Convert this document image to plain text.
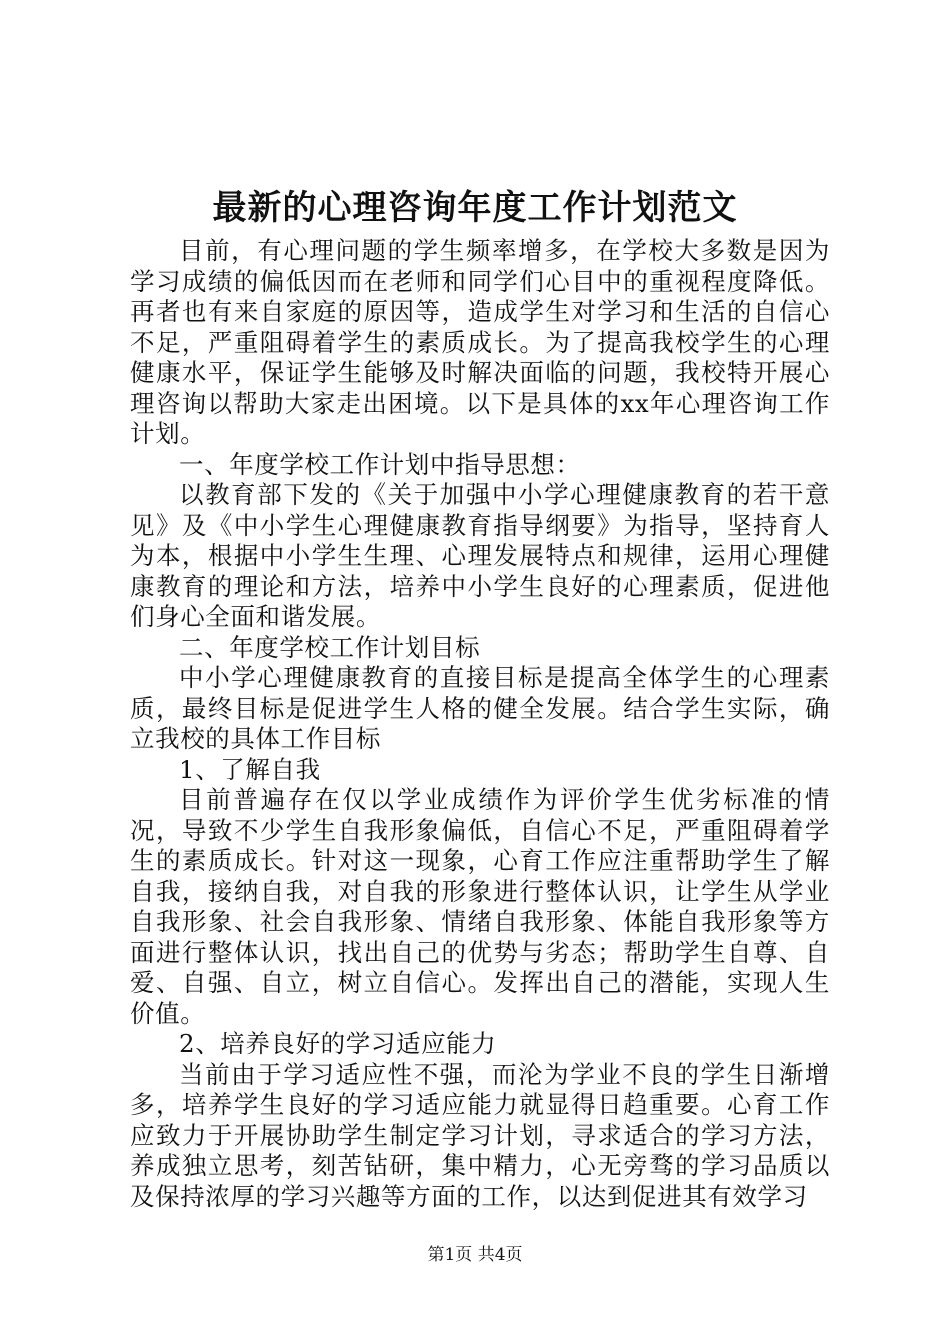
最新的心理咨询年度工作计划范文

目前，有心理问题的学生频率增多，在学校大多数是因为学习成绩的偏低因而在老师和同学们心目中的重视程度降低。再者也有来自家庭的原因等，造成学生对学习和生活的自信心不足，严重阻碍着学生的素质成长。为了提高我校学生的心理健康水平，保证学生能够及时解决面临的问题，我校特开展心理咨询以帮助大家走出困境。以下是具体的xx年心理咨询工作计划。

一、年度学校工作计划中指导思想：

以教育部下发的《关于加强中小学心理健康教育的若干意见》及《中小学生心理健康教育指导纲要》为指导，坚持育人为本，根据中小学生生理、心理发展特点和规律，运用心理健康教育的理论和方法，培养中小学生良好的心理素质，促进他们身心全面和谐发展。

二、年度学校工作计划目标

中小学心理健康教育的直接目标是提高全体学生的心理素质，最终目标是促进学生人格的健全发展。结合学生实际，确立我校的具体工作目标

1、了解自我

目前普遍存在仅以学业成绩作为评价学生优劣标准的情况，导致不少学生自我形象偏低，自信心不足，严重阻碍着学生的素质成长。针对这一现象，心育工作应注重帮助学生了解自我，接纳自我，对自我的形象进行整体认识，让学生从学业自我形象、社会自我形象、情绪自我形象、体能自我形象等方面进行整体认识，找出自己的优势与劣态；帮助学生自尊、自爱、自强、自立，树立自信心。发挥出自己的潜能，实现人生价值。

2、培养良好的学习适应能力

当前由于学习适应性不强，而沦为学业不良的学生日渐增多，培养学生良好的学习适应能力就显得日趋重要。心育工作应致力于开展协助学生制定学习计划，寻求适合的学习方法，养成独立思考，刻苦钻研，集中精力，心无旁骛的学习品质以及保持浓厚的学习兴趣等方面的工作，以达到促进其有效学习

第1页 共4页
